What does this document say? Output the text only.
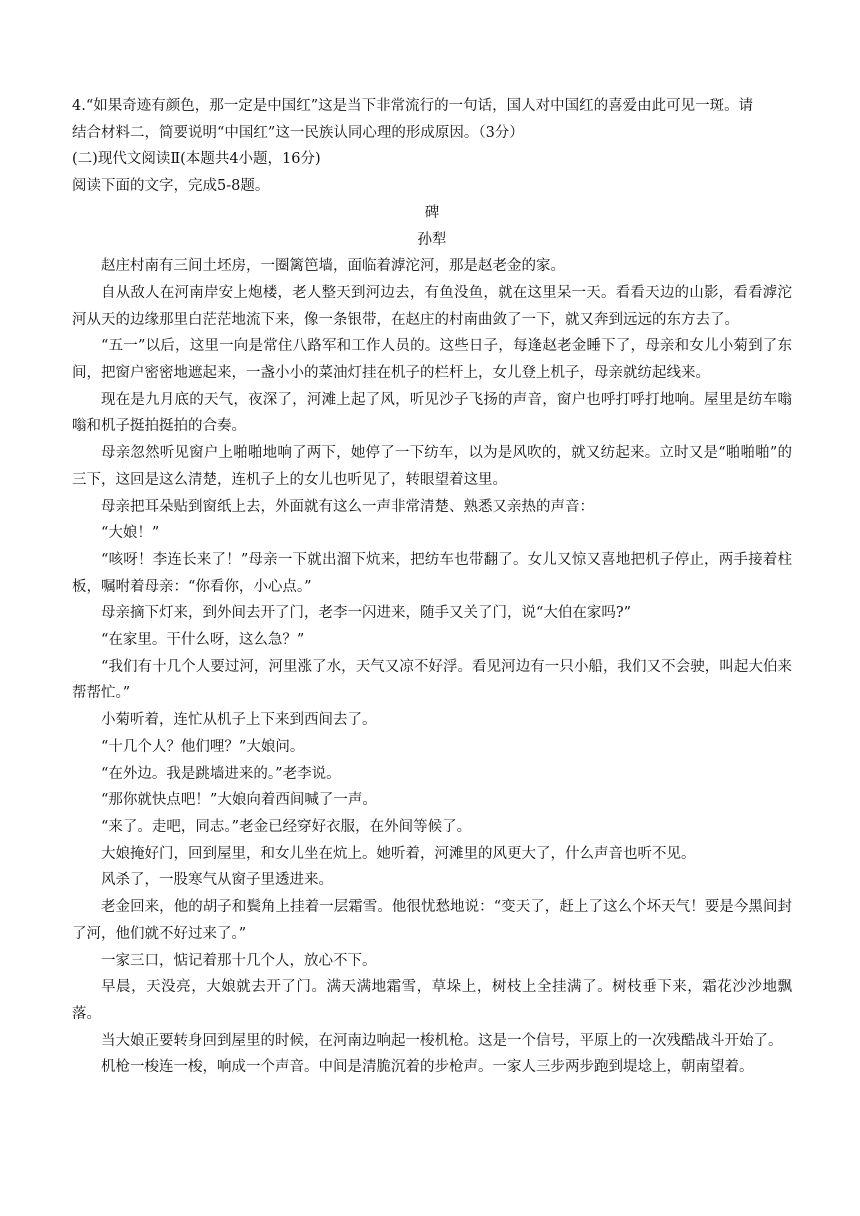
4.“如果奇迹有颜色，那一定是中国红”这是当下非常流行的一句话，国人对中国红的喜爱由此可见一斑。请

结合材料二，简要说明“中国红”这一民族认同心理的形成原因。（3分）

(二)现代文阅读Ⅱ(本题共4小题，16分)

阅读下面的文字，完成5-8题。

碑

孙犁

赵庄村南有三间土坯房，一圈篱笆墙，面临着滹沱河，那是赵老金的家。

自从敌人在河南岸安上炮楼，老人整天到河边去，有鱼没鱼，就在这里呆一天。看看天边的山影，看看滹沱河从天的边缘那里白茫茫地流下来，像一条银带，在赵庄的村南曲敛了一下，就又奔到远远的东方去了。

“五一”以后，这里一向是常住八路军和工作人员的。这些日子，每逢赵老金睡下了，母亲和女儿小菊到了东间，把窗户密密地遮起来，一盏小小的菜油灯挂在机子的栏杆上，女儿登上机子，母亲就纺起线来。

现在是九月底的天气，夜深了，河滩上起了风，听见沙子飞扬的声音，窗户也呼打呼打地响。屋里是纺车嗡嗡和机子挺拍挺拍的合奏。

母亲忽然听见窗户上啪啪地响了两下，她停了一下纺车，以为是风吹的，就又纺起来。立时又是“啪啪啪”的三下，这回是这么清楚，连机子上的女儿也听见了，转眼望着这里。

母亲把耳朵贴到窗纸上去，外面就有这么一声非常清楚、熟悉又亲热的声音：

“大娘！”

“咳呀！李连长来了！”母亲一下就出溜下炕来，把纺车也带翻了。女儿又惊又喜地把机子停止，两手接着柱板，嘱咐着母亲：“你看你，小心点。”

母亲摘下灯来，到外间去开了门，老李一闪进来，随手又关了门，说“大伯在家吗?”

“在家里。干什么呀，这么急？”

“我们有十几个人要过河，河里涨了水，天气又凉不好浮。看见河边有一只小船，我们又不会驶，叫起大伯来帮帮忙。”

小菊听着，连忙从机子上下来到西间去了。

“十几个人？他们哩？”大娘问。

“在外边。我是跳墙进来的。”老李说。

“那你就快点吧！”大娘向着西间喊了一声。

“来了。走吧，同志。”老金已经穿好衣服，在外间等候了。

大娘掩好门，回到屋里，和女儿坐在炕上。她听着，河滩里的风更大了，什么声音也听不见。

风杀了，一股寒气从窗子里透进来。

老金回来，他的胡子和鬓角上挂着一层霜雪。他很忧愁地说：“变天了，赶上了这么个坏天气！要是今黑间封了河，他们就不好过来了。”

一家三口，惦记着那十几个人，放心不下。

早晨，天没亮，大娘就去开了门。满天满地霜雪，草垛上，树枝上全挂满了。树枝垂下来，霜花沙沙地飘落。

当大娘正要转身回到屋里的时候，在河南边响起一梭机枪。这是一个信号，平原上的一次残酷战斗开始了。

机枪一梭连一梭，响成一个声音。中间是清脆沉着的步枪声。一家人三步两步跑到堤埝上，朝南望着。
